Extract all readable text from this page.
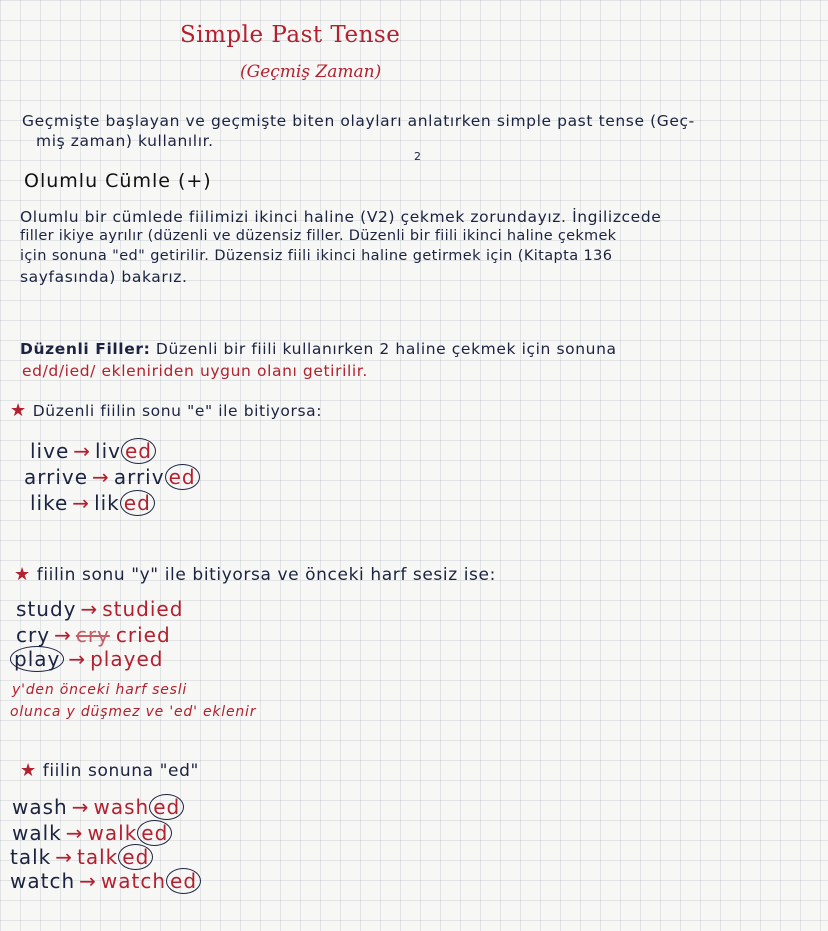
Simple Past Tense

(Geçmiş Zaman)

Geçmişte başlayan ve geçmişte biten olayları anlatırken simple past tense (Geç-

miş zaman) kullanılır.

2

Olumlu Cümle (+)

Olumlu bir cümlede fiilimizi ikinci haline (V2) çekmek zorundayız. İngilizcede

filler ikiye ayrılır (düzenli ve düzensiz filler. Düzenli bir fiili ikinci haline çekmek

için sonuna "ed" getirilir. Düzensiz fiili ikinci haline getirmek için (Kitapta 136

sayfasında) bakarız.

Düzenli Filler: Düzenli bir fiili kullanırken 2 haline çekmek için sonuna

ed/d/ied/ ekleniriden uygun olanı getirilir.

★ Düzenli fiilin sonu "e" ile bitiyorsa:

live → liv ed
arrive → arriv ed
like → lik ed

★ fiilin sonu "y" ile bitiyorsa ve önceki harf sesiz ise:

study → studied
cry → cry cried
play → played

y'den önceki harf sesli

olunca y düşmez ve 'ed' eklenir

★ fiilin sonuna "ed"

wash → wash ed
walk → walk ed
talk → talk ed
watch → watch ed
